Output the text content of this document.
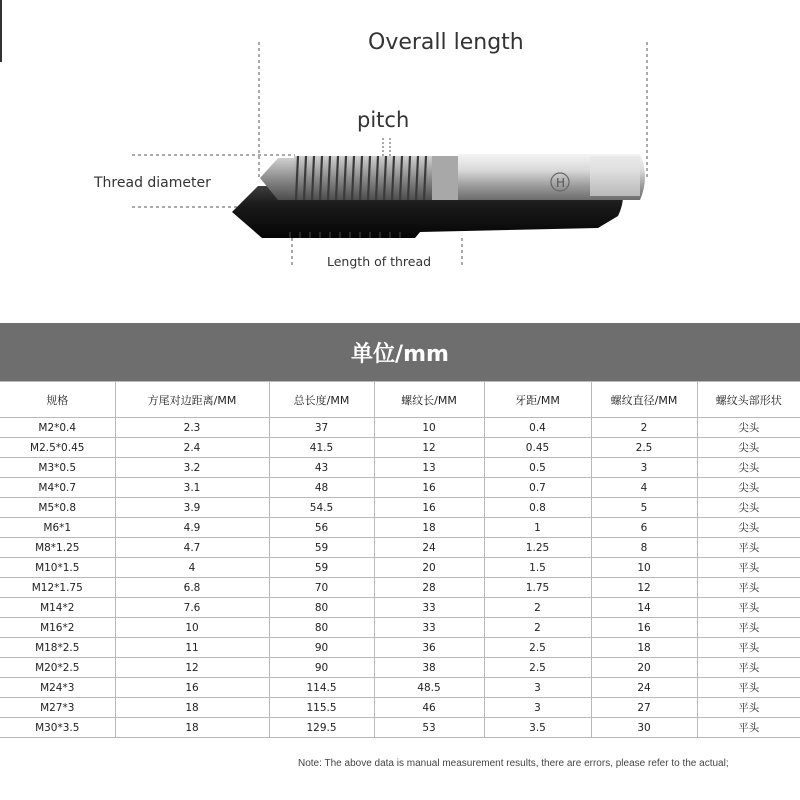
H
Overall length
pitch
Thread diameter
Length of thread
单位/mm
规格	方尾对边距离/MM	总长度/MM	螺纹长/MM	牙距/MM	螺纹直径/MM	螺纹头部形状
M2*0.4	2.3	37	10	0.4	2	尖头
M2.5*0.45	2.4	41.5	12	0.45	2.5	尖头
M3*0.5	3.2	43	13	0.5	3	尖头
M4*0.7	3.1	48	16	0.7	4	尖头
M5*0.8	3.9	54.5	16	0.8	5	尖头
M6*1	4.9	56	18	1	6	尖头
M8*1.25	4.7	59	24	1.25	8	平头
M10*1.5	4	59	20	1.5	10	平头
M12*1.75	6.8	70	28	1.75	12	平头
M14*2	7.6	80	33	2	14	平头
M16*2	10	80	33	2	16	平头
M18*2.5	11	90	36	2.5	18	平头
M20*2.5	12	90	38	2.5	20	平头
M24*3	16	114.5	48.5	3	24	平头
M27*3	18	115.5	46	3	27	平头
M30*3.5	18	129.5	53	3.5	30	平头
Note: The above data is manual measurement results, there are errors, please refer to the actual;
